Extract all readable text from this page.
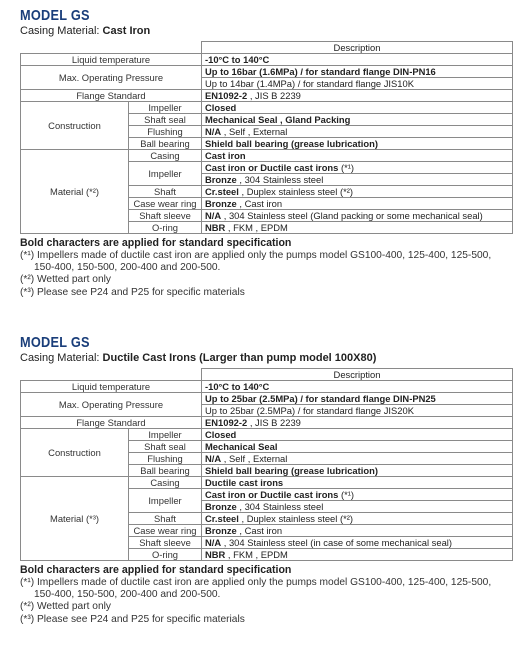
MODEL GS
Casing Material: Cast Iron
		Description
Liquid temperature		-10°C to 140°C
Max. Operating Pressure		Up to 16bar (1.6MPa) / for standard flange DIN-PN16
		Up to 14bar (1.4MPa) / for standard flange JIS10K
Flange Standard		EN1092-2 , JIS B 2239
Construction	Impeller	Closed
	Shaft seal	Mechanical Seal , Gland Packing
	Flushing	N/A , Self , External
	Ball bearing	Shield ball bearing (grease lubrication)
Material (*²)	Casing	Cast iron
	Impeller	Cast iron or Ductile cast irons (*¹)
		Bronze , 304 Stainless steel
	Shaft	Cr.steel , Duplex stainless steel (*²)
	Case wear ring	Bronze , Cast iron
	Shaft sleeve	N/A , 304 Stainless steel (Gland packing or some mechanical seal)
	O-ring	NBR , FKM , EPDM
Bold characters are applied for standard specification
(*¹) Impellers made of ductile cast iron are applied only the pumps model GS100-400, 125-400, 125-500,
150-400, 150-500, 200-400 and 200-500.
(*²) Wetted part only
(*³) Please see P24 and P25 for specific materials
MODEL GS
Casing Material: Ductile Cast Irons (Larger than pump model 100X80)
		Description
Liquid temperature		-10°C to 140°C
Max. Operating Pressure		Up to 25bar (2.5MPa) / for standard flange DIN-PN25
		Up to 25bar (2.5MPa) / for standard flange JIS20K
Flange Standard		EN1092-2 , JIS B 2239
Construction	Impeller	Closed
	Shaft seal	Mechanical Seal
	Flushing	N/A , Self , External
	Ball bearing	Shield ball bearing (grease lubrication)
Material (*³)	Casing	Ductile cast irons
	Impeller	Cast iron or Ductile cast irons (*¹)
		Bronze , 304 Stainless steel
	Shaft	Cr.steel , Duplex stainless steel (*²)
	Case wear ring	Bronze , Cast iron
	Shaft sleeve	N/A , 304 Stainless steel (in case of some mechanical seal)
	O-ring	NBR , FKM , EPDM
Bold characters are applied for standard specification
(*¹) Impellers made of ductile cast iron are applied only the pumps model GS100-400, 125-400, 125-500,
150-400, 150-500, 200-400 and 200-500.
(*²) Wetted part only
(*³) Please see P24 and P25 for specific materials
